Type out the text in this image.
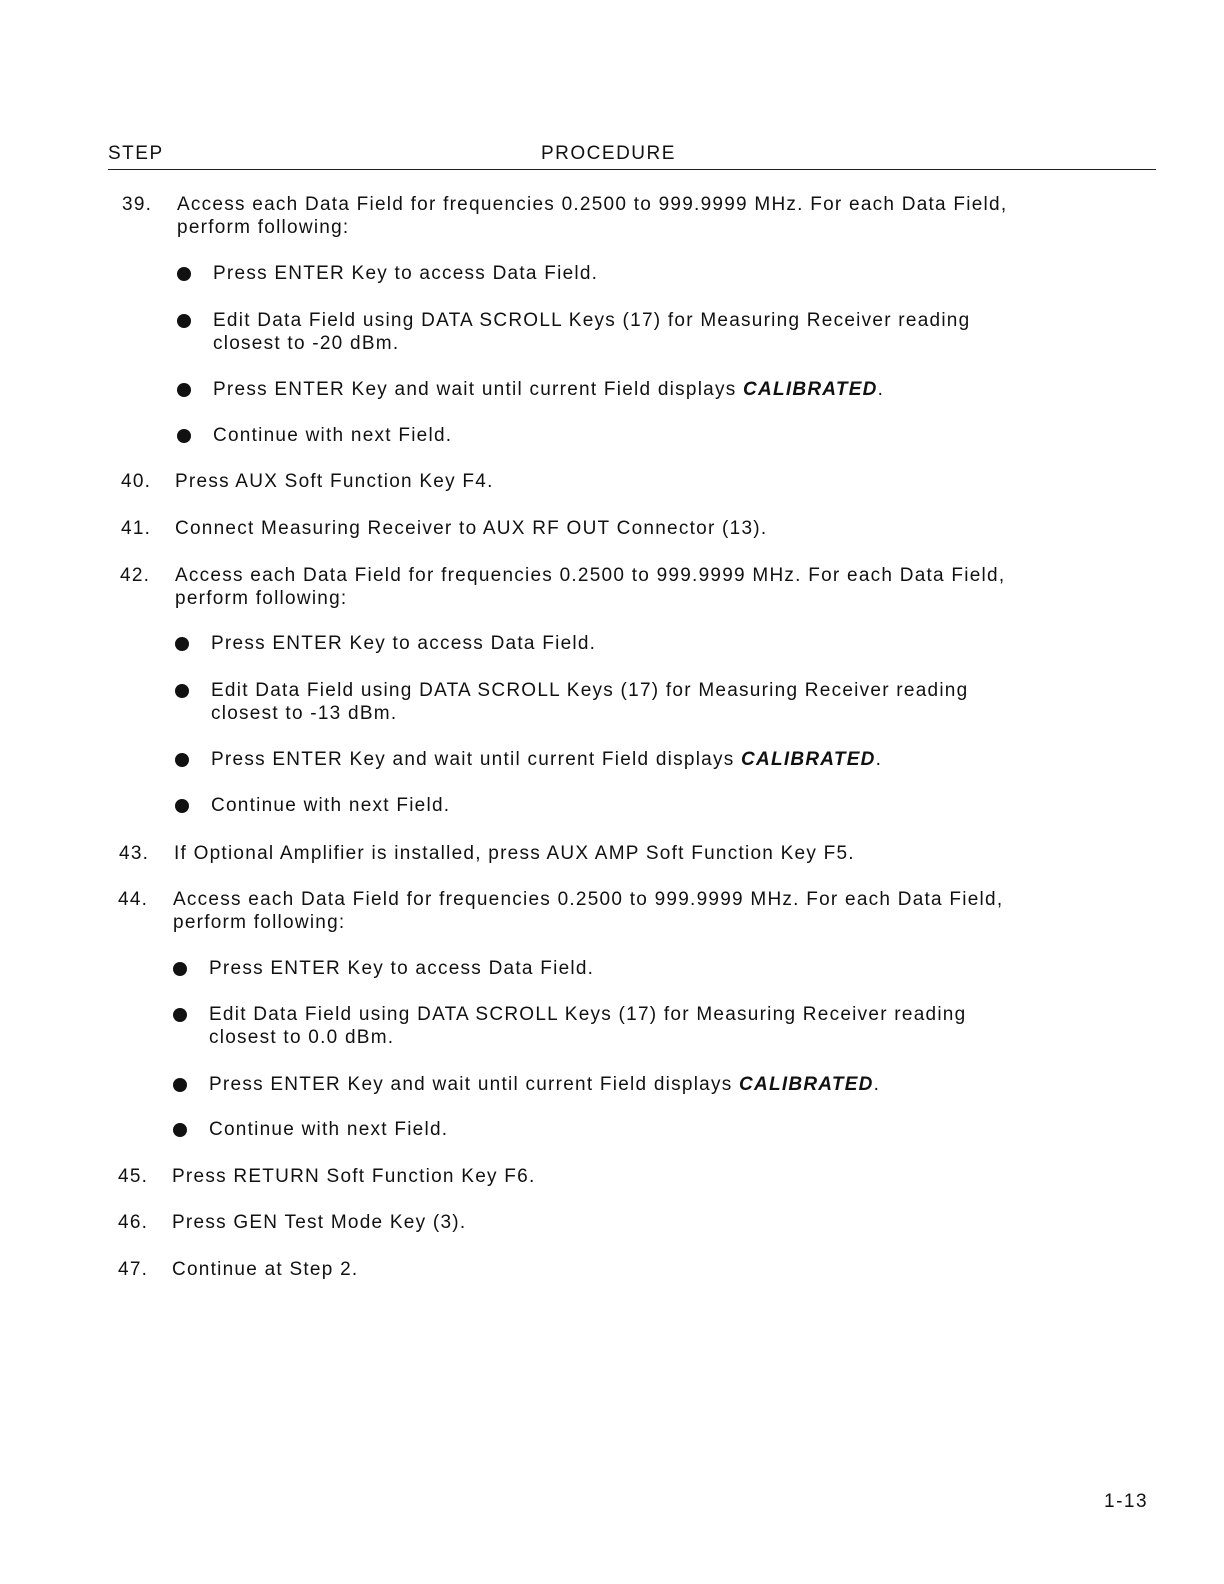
STEP	PROCEDURE
39. Access each Data Field for frequencies 0.2500 to 999.9999 MHz. For each Data Field,
perform following:
Press ENTER Key to access Data Field.
Edit Data Field using DATA SCROLL Keys (17) for Measuring Receiver reading
closest to -20 dBm.
Press ENTER Key and wait until current Field displays CALIBRATED.
Continue with next Field.
40. Press AUX Soft Function Key F4.
41. Connect Measuring Receiver to AUX RF OUT Connector (13).
42. Access each Data Field for frequencies 0.2500 to 999.9999 MHz. For each Data Field,
perform following:
Press ENTER Key to access Data Field.
Edit Data Field using DATA SCROLL Keys (17) for Measuring Receiver reading
closest to -13 dBm.
Press ENTER Key and wait until current Field displays CALIBRATED.
Continue with next Field.
43. If Optional Amplifier is installed, press AUX AMP Soft Function Key F5.
44. Access each Data Field for frequencies 0.2500 to 999.9999 MHz. For each Data Field,
perform following:
Press ENTER Key to access Data Field.
Edit Data Field using DATA SCROLL Keys (17) for Measuring Receiver reading
closest to 0.0 dBm.
Press ENTER Key and wait until current Field displays CALIBRATED.
Continue with next Field.
45. Press RETURN Soft Function Key F6.
46. Press GEN Test Mode Key (3).
47. Continue at Step 2.
1-13
